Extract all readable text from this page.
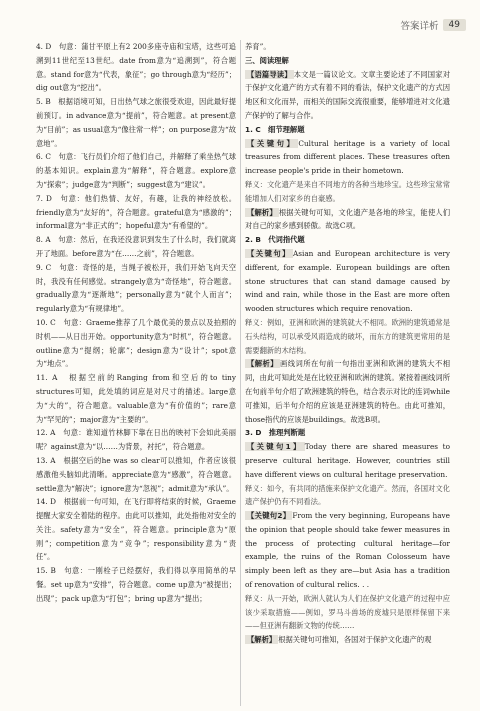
答案详析	49

4. D　句意：蒲甘平原上有2 200多座寺庙和宝塔，这些可追溯到11世纪至13世纪。date from意为“追溯到”，符合题意。stand for意为“代表，象征”；go through意为“经历”；dig out意为“挖出”。

5. B　根据语境可知，日出热气球之旅很受欢迎，因此最好提前预订。in advance意为“提前”，符合题意。at present意为“目前”；as usual意为“像往常一样”；on purpose意为“故意地”。

6. C　句意：飞行员们介绍了他们自己，并解释了乘坐热气球的基本知识。explain意为“解释”，符合题意。explore意为“探索”；judge意为“判断”；suggest意为“建议”。

7. D　句意：他们热情、友好，有趣，让我的神经放松。friendly意为“友好的”，符合题意。grateful意为“感激的”；informal意为“非正式的”；hopeful意为“有希望的”。

8. A　句意：然后，在我还没意识到发生了什么时，我们就离开了地面。before意为“在……之前”，符合题意。

9. C　句意：奇怪的是，当绳子被松开，我们开始飞向天空时，我没有任何感觉。strangely意为“奇怪地”，符合题意。gradually意为“逐渐地”；personally意为“就个人而言”；regularly意为“有规律地”。

10. C　句意：Graeme推荐了几个最优美的景点以及拍照的时机——从日出开始。opportunity意为“时机”，符合题意。outline意为“提纲；轮廓”；design意为“设计”；spot意为“地点”。

11. A　根据空前的Ranging from和空后的to tiny structures可知，此处填的词应是对尺寸的描述。large意为“大的”，符合题意。valuable意为“有价值的”；rare意为“罕见的”；major意为“主要的”。

12. A　句意：谁知道竹林脚下靠在日出的映衬下会如此美丽呢？against意为“以……为背景，衬托”，符合题意。

13. A　根据空后的he was so clear可以推知，作者应该很感激他头脑如此清晰。appreciate意为“感激”，符合题意。settle意为“解决”；ignore意为“忽视”；admit意为“承认”。

14. D　根据前一句可知，在飞行即将结束的时候，Graeme提醒大家安全着陆的程序。由此可以推知，此处指他对安全的关注。safety意为“安全”，符合题意。principle意为“原则”；competition意为“竞争”；responsibility意为“责任”。

15. B　句意：一刚栓子已经摆好，我们得以享用简单的早餐。set up意为“安排”，符合题意。come up意为“被提出；出现”；pack up意为“打包”；bring up意为“提出；

养育”。

三、阅读理解

【语篇导读】 本文是一篇议论文。文章主要论述了不同国家对于保护文化遗产的方式有着不同的看法，保护文化遗产的方式因地区和文化而异，而相关的国际交流很重要，能够增进对文化遗产保护的了解与合作。

1. C　细节理解题

【关键句】 Cultural heritage is a variety of local treasures from different places. These treasures often increase people's pride in their hometown.

释义：文化遗产是来自不同地方的各种当地珍宝。这些珍宝常常能增加人们对家乡的自豪感。

【解析】 根据关键句可知，文化遗产是各地的珍宝，能使人们对自己的家乡感到骄傲。故选C项。

2. B　代词指代题

【关键句】 Asian and European architecture is very different, for example. European buildings are often stone structures that can stand damage caused by wind and rain, while those in the East are more often wooden structures which require renovation.

释义：例如，亚洲和欧洲的建筑就大不相同。欧洲的建筑通常是石头结构，可以承受风雨造成的破坏，而东方的建筑更常用的是需要翻新的木结构。

【解析】 画线词所在句前一句指出亚洲和欧洲的建筑大不相同，由此可知此处是在比较亚洲和欧洲的建筑。紧接着画线词所在句前半句介绍了欧洲建筑的特色，结合表示对比的连词while可推知，后半句介绍的应该是亚洲建筑的特色。由此可推知，those指代的应该是buildings。故选B项。

3. D　推理判断题

【关键句1】 Today there are shared measures to preserve cultural heritage. However, countries still have different views on cultural heritage preservation.

释义：如今，有共同的措施来保护文化遗产。然而，各国对文化遗产保护仍有不同看法。

【关键句2】 From the very beginning, Europeans have the opinion that people should take fewer measures in the process of protecting cultural heritage—for example, the ruins of the Roman Colosseum have simply been left as they are—but Asia has a tradition of renovation of cultural relics. . .

释义：从一开始，欧洲人就认为人们在保护文化遗产的过程中应该少采取措施——例如，罗马斗兽场的废墟只是原样保留下来——但亚洲有翻新文物的传统……

【解析】 根据关键句可推知，各国对于保护文化遗产的观
